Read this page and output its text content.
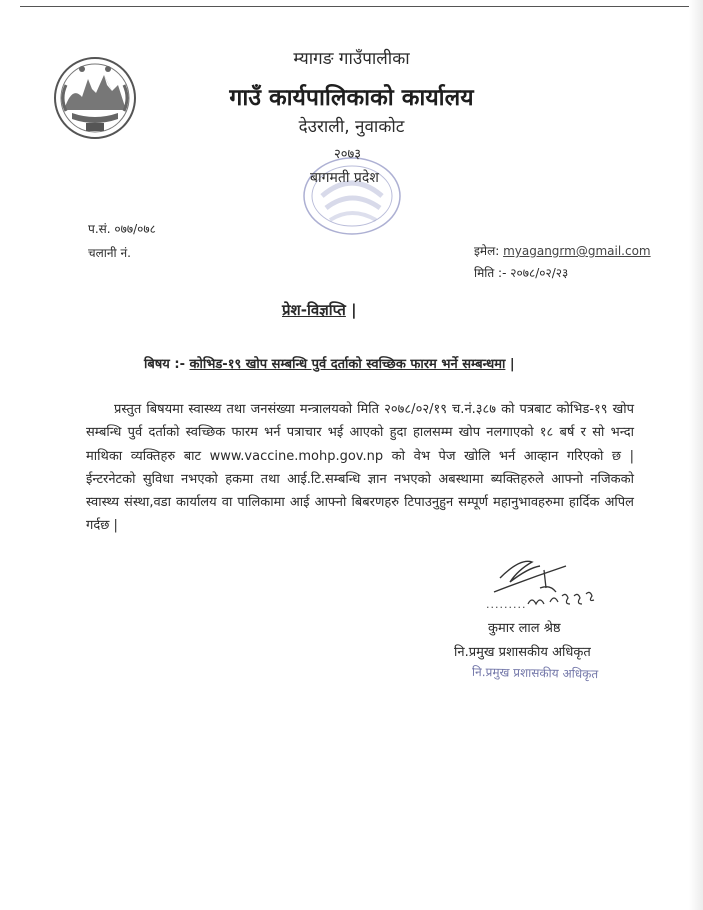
म्यागङ गाउँपालीका
गाउँ कार्यपालिकाको कार्यालय
देउराली, नुवाकोट
२०७३
बागमती प्रदेश
प.सं. ०७७/०७८
चलानी नं.	इमेल: myagangrm@gmail.com
मिति :- २०७८/०२/२३
प्रेश-विज्ञप्ति |
बिषय :- कोभिड-१९ खोप सम्बन्धि पुर्व दर्ताको स्वच्छिक फारम भर्ने सम्बन्धमा |
प्रस्तुत बिषयमा स्वास्थ्य तथा जनसंख्या मन्त्रालयको मिति २०७८/०२/१९ च.नं.३८७ को पत्रबाट कोभिड-१९ खोप सम्बन्धि पुर्व दर्ताको स्वच्छिक फारम भर्न पत्राचार भई आएको हुदा हालसम्म खोप नलगाएको १८ बर्ष र सो भन्दा माथिका व्यक्तिहरु बाट www.vaccine.mohp.gov.np को वेभ पेज खोलि भर्न आव्हान गरिएको छ | ईन्टरनेटको सुविधा नभएको हकमा तथा आई.टि.सम्बन्धि ज्ञान नभएको अबस्थामा ब्यक्तिहरुले आफ्नो नजिकको स्वास्थ्य संस्था,वडा कार्यालय वा पालिकामा आई आफ्नो बिबरणहरु टिपाउनुहुन सम्पूर्ण महानुभावहरुमा हार्दिक अपिल गर्दछ |
.........
कुमार लाल श्रेष्ठ
नि.प्रमुख प्रशासकीय अधिकृत
नि.प्रमुख प्रशासकीय अधिकृत
